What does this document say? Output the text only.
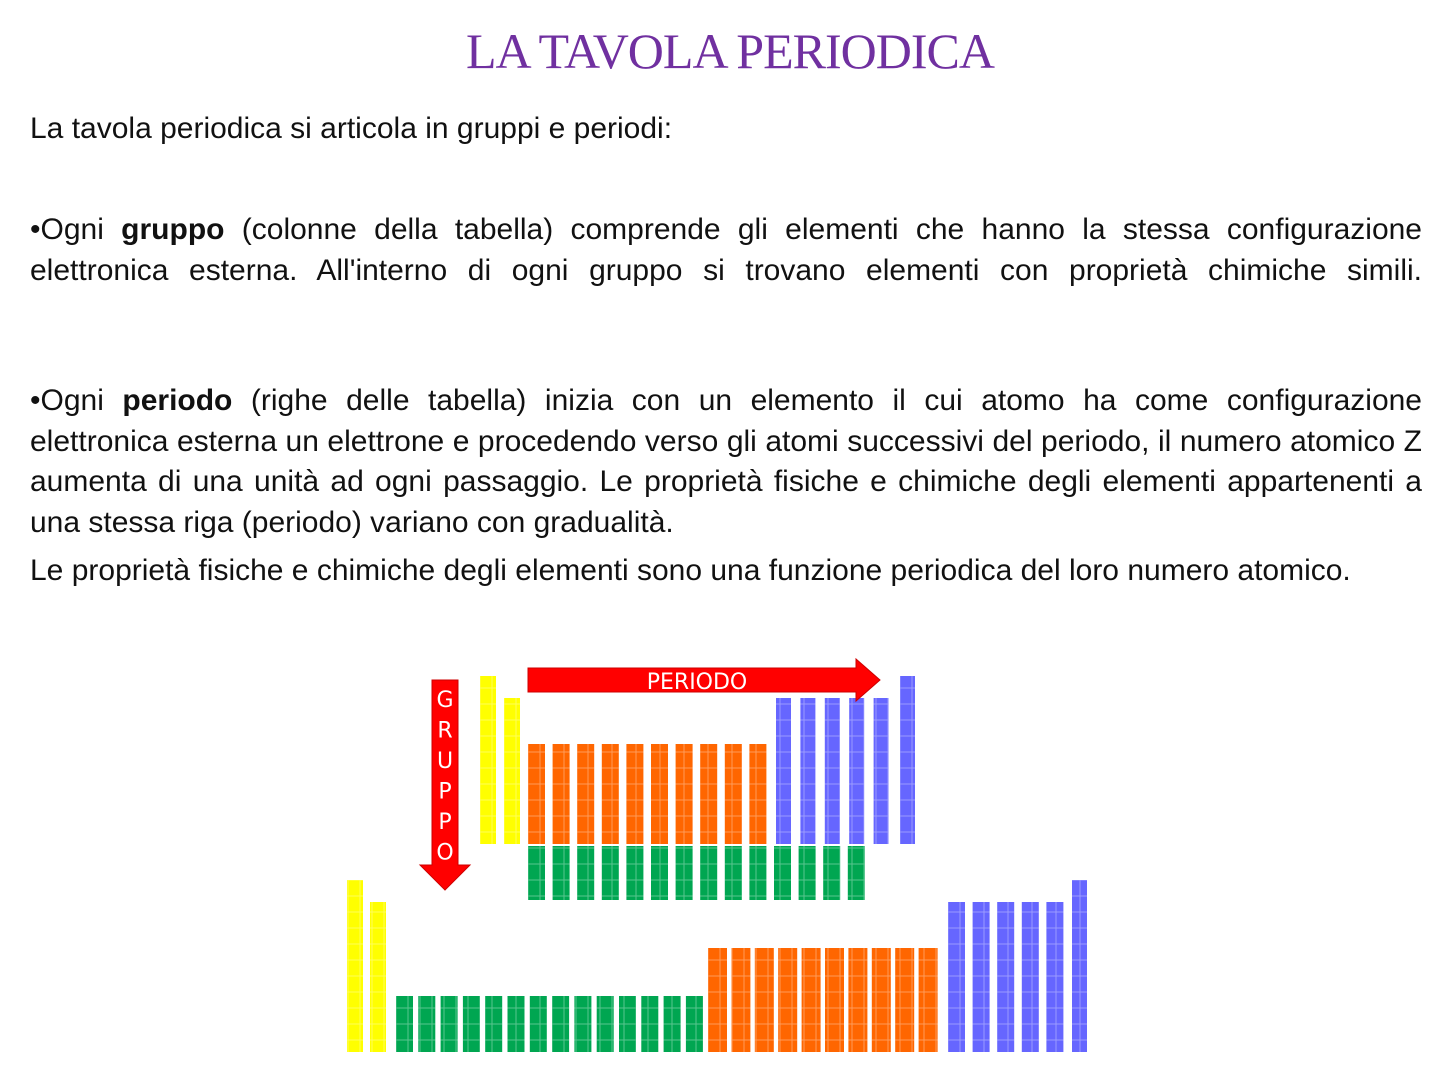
LA TAVOLA PERIODICA

La tavola periodica si articola in gruppi e periodi:

•Ogni gruppo (colonne della tabella) comprende gli elementi che hanno la stessa configurazione elettronica esterna. All'interno di ogni gruppo si trovano elementi con proprietà chimiche simili.

•Ogni periodo (righe delle tabella) inizia con un elemento il cui atomo ha come configurazione elettronica esterna un elettrone e procedendo verso gli atomi successivi del periodo, il numero atomico Z aumenta di una unità ad ogni passaggio. Le proprietà fisiche e chimiche degli elementi appartenenti a una stessa riga (periodo) variano con gradualità.

Le proprietà fisiche e chimiche degli elementi sono una funzione periodica del loro numero atomico.

PERIODO
G
R
U
P
P
O
